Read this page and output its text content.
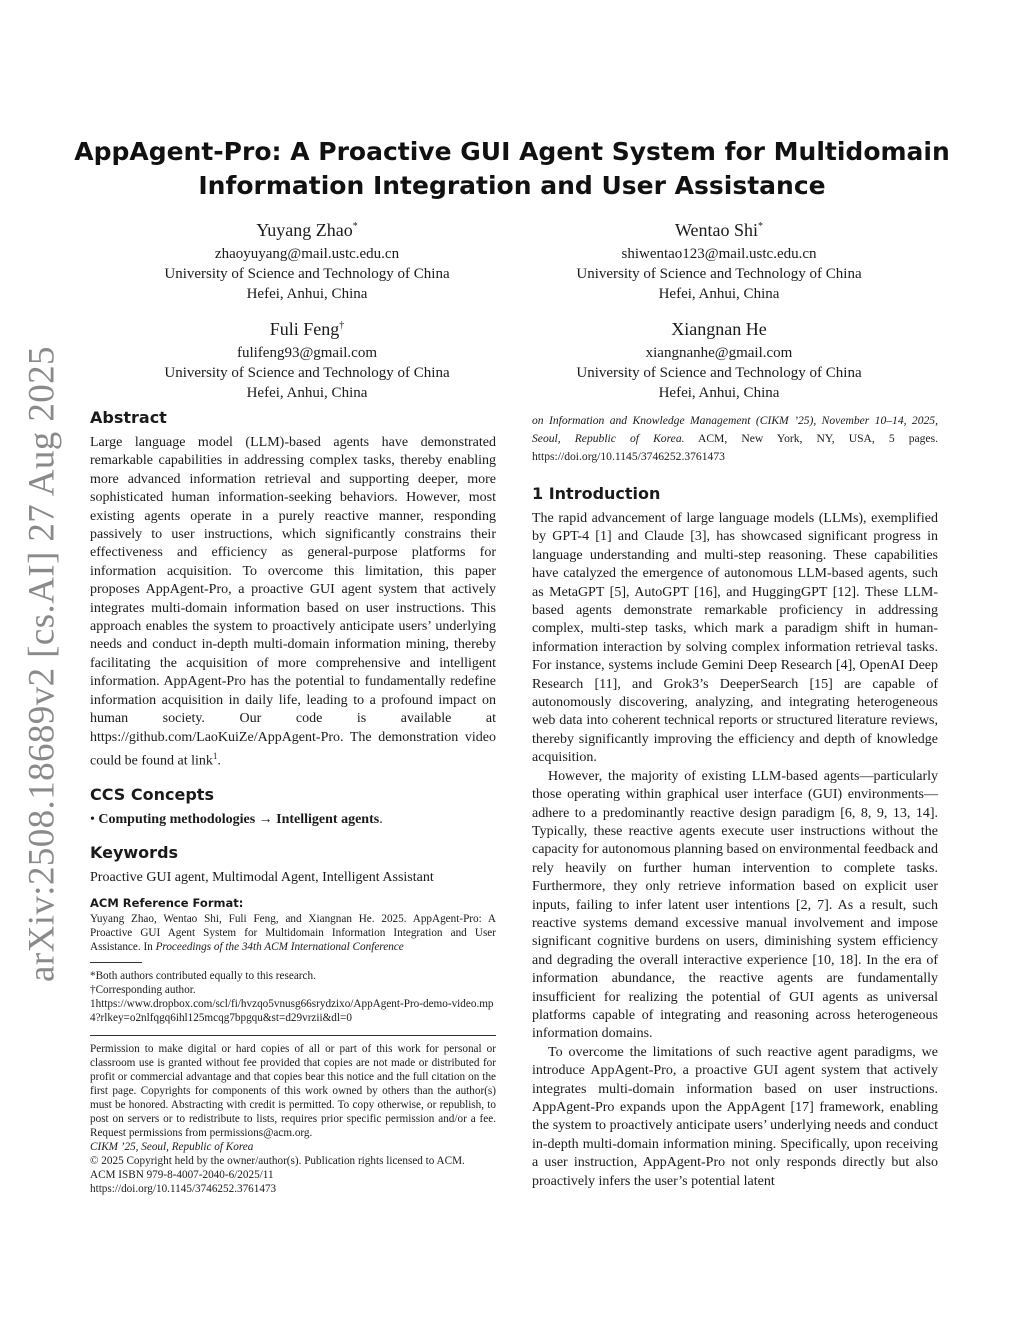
arXiv:2508.18689v2 [cs.AI] 27 Aug 2025
AppAgent-Pro: A Proactive GUI Agent System for Multidomain
Information Integration and User Assistance
Yuyang Zhao*
zhaoyuyang@mail.ustc.edu.cn
University of Science and Technology of China
Hefei, Anhui, China
Wentao Shi*
shiwentao123@mail.ustc.edu.cn
University of Science and Technology of China
Hefei, Anhui, China
Fuli Feng†
fulifeng93@gmail.com
University of Science and Technology of China
Hefei, Anhui, China
Xiangnan He
xiangnanhe@gmail.com
University of Science and Technology of China
Hefei, Anhui, China
Abstract

Large language model (LLM)-based agents have demonstrated remarkable capabilities in addressing complex tasks, thereby enabling more advanced information retrieval and supporting deeper, more sophisticated human information-seeking behaviors. However, most existing agents operate in a purely reactive manner, responding passively to user instructions, which significantly constrains their effectiveness and efficiency as general-purpose platforms for information acquisition. To overcome this limitation, this paper proposes AppAgent-Pro, a proactive GUI agent system that actively integrates multi-domain information based on user instructions. This approach enables the system to proactively anticipate users’ underlying needs and conduct in-depth multi-domain information mining, thereby facilitating the acquisition of more comprehensive and intelligent information. AppAgent-Pro has the potential to fundamentally redefine information acquisition in daily life, leading to a profound impact on human society. Our code is available at https://github.com/LaoKuiZe/AppAgent-Pro. The demonstration video could be found at link$^1$.

CCS Concepts

• Computing methodologies → Intelligent agents.

Keywords

Proactive GUI agent, Multimodal Agent, Intelligent Assistant

ACM Reference Format:

Yuyang Zhao, Wentao Shi, Fuli Feng, and Xiangnan He. 2025. AppAgent-Pro: A Proactive GUI Agent System for Multidomain Information Integration and User Assistance. In Proceedings of the 34th ACM International Conference

*Both authors contributed equally to this research.

†Corresponding author.

1https://www.dropbox.com/scl/fi/hvzqo5vnusg66srydzixo/AppAgent-Pro-demo-video.mp4?rlkey=o2nlfqgq6ihl125mcqg7bpgqu&st=d29vrzii&dl=0

Permission to make digital or hard copies of all or part of this work for personal or classroom use is granted without fee provided that copies are not made or distributed for profit or commercial advantage and that copies bear this notice and the full citation on the first page. Copyrights for components of this work owned by others than the author(s) must be honored. Abstracting with credit is permitted. To copy otherwise, or republish, to post on servers or to redistribute to lists, requires prior specific permission and/or a fee. Request permissions from permissions@acm.org.

CIKM ’25, Seoul, Republic of Korea

© 2025 Copyright held by the owner/author(s). Publication rights licensed to ACM.

ACM ISBN 979-8-4007-2040-6/2025/11

https://doi.org/10.1145/3746252.3761473

on Information and Knowledge Management (CIKM ’25), November 10–14, 2025, Seoul, Republic of Korea. ACM, New York, NY, USA, 5 pages. https://doi.org/10.1145/3746252.3761473

1 Introduction

The rapid advancement of large language models (LLMs), exemplified by GPT-4 [1] and Claude [3], has showcased significant progress in language understanding and multi-step reasoning. These capabilities have catalyzed the emergence of autonomous LLM-based agents, such as MetaGPT [5], AutoGPT [16], and HuggingGPT [12]. These LLM-based agents demonstrate remarkable proficiency in addressing complex, multi-step tasks, which mark a paradigm shift in human-information interaction by solving complex information retrieval tasks. For instance, systems include Gemini Deep Research [4], OpenAI Deep Research [11], and Grok3’s DeeperSearch [15] are capable of autonomously discovering, analyzing, and integrating heterogeneous web data into coherent technical reports or structured literature reviews, thereby significantly improving the efficiency and depth of knowledge acquisition.

However, the majority of existing LLM-based agents—particularly those operating within graphical user interface (GUI) environments—adhere to a predominantly reactive design paradigm [6, 8, 9, 13, 14]. Typically, these reactive agents execute user instructions without the capacity for autonomous planning based on environmental feedback and rely heavily on further human intervention to complete tasks. Furthermore, they only retrieve information based on explicit user inputs, failing to infer latent user intentions [2, 7]. As a result, such reactive systems demand excessive manual involvement and impose significant cognitive burdens on users, diminishing system efficiency and degrading the overall interactive experience [10, 18]. In the era of information abundance, the reactive agents are fundamentally insufficient for realizing the potential of GUI agents as universal platforms capable of integrating and reasoning across heterogeneous information domains.

To overcome the limitations of such reactive agent paradigms, we introduce AppAgent-Pro, a proactive GUI agent system that actively integrates multi-domain information based on user instructions. AppAgent-Pro expands upon the AppAgent [17] framework, enabling the system to proactively anticipate users’ underlying needs and conduct in-depth multi-domain information mining. Specifically, upon receiving a user instruction, AppAgent-Pro not only responds directly but also proactively infers the user’s potential latent
